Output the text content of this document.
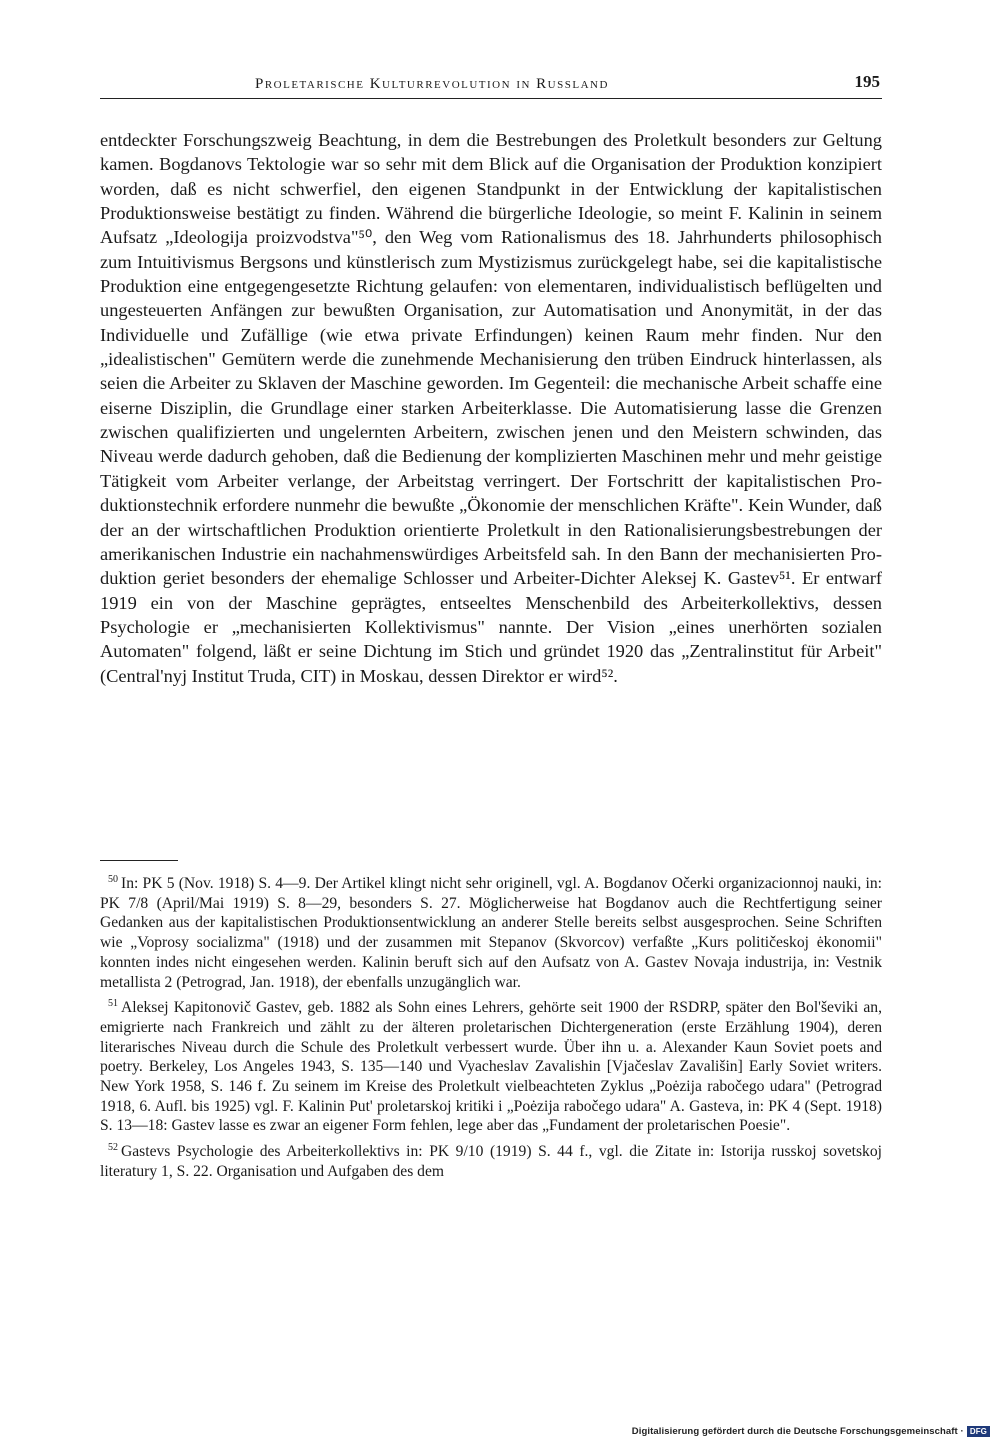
Proletarische Kulturrevolution in Russland	195

entdeckter Forschungszweig Beachtung, in dem die Bestrebungen des Proletkult besonders zur Geltung kamen. Bogdanovs Tektologie war so sehr mit dem Blick auf die Organisation der Produktion konzipiert worden, daß es nicht schwerfiel, den eigenen Standpunkt in der Entwicklung der kapitalistischen Produktionsweise bestätigt zu finden. Während die bürgerliche Ideologie, so meint F. Kalinin in seinem Aufsatz „Ideologija proizvodstva"⁵⁰, den Weg vom Rationalismus des 18. Jahrhunderts philosophisch zum Intuitivismus Bergsons und künstlerisch zum Mystizismus zurückgelegt habe, sei die kapitalistische Produktion eine entgegengesetzte Richtung gelaufen: von elementaren, individualistisch beflügelten und ungesteuerten Anfängen zur bewußten Organisation, zur Automatisation und Anonymität, in der das Individuelle und Zufällige (wie etwa private Erfindungen) keinen Raum mehr finden. Nur den „idealistischen" Gemütern werde die zunehmende Mechanisierung den trüben Eindruck hinterlassen, als seien die Arbeiter zu Sklaven der Maschine geworden. Im Gegenteil: die mechanische Arbeit schaffe eine eiserne Disziplin, die Grundlage einer starken Arbeiterklasse. Die Automatisierung lasse die Grenzen zwischen qualifizierten und ungelernten Arbeitern, zwischen jenen und den Meistern schwinden, das Niveau werde dadurch gehoben, daß die Bedienung der komplizierten Maschinen mehr und mehr geistige Tätigkeit vom Arbeiter verlange, der Arbeitstag verringert. Der Fortschritt der kapitalistischen Produktionstechnik erfordere nunmehr die bewußte „Ökonomie der menschlichen Kräfte". Kein Wunder, daß der an der wirtschaftlichen Produktion orientierte Proletkult in den Rationalisierungsbestrebungen der amerikanischen Industrie ein nachahmenswürdiges Arbeitsfeld sah. In den Bann der mechanisierten Produktion geriet besonders der ehemalige Schlosser und Arbeiter-Dichter Aleksej K. Gastev⁵¹. Er entwarf 1919 ein von der Maschine geprägtes, entseeltes Menschenbild des Arbeiterkollektivs, dessen Psychologie er „mechanisierten Kollektivismus" nannte. Der Vision „eines unerhörten sozialen Automaten" folgend, läßt er seine Dichtung im Stich und gründet 1920 das „Zentralinstitut für Arbeit" (Central'nyj Institut Truda, CIT) in Moskau, dessen Direktor er wird⁵².

$^{50}$ In: PK 5 (Nov. 1918) S. 4—9. Der Artikel klingt nicht sehr originell, vgl. A. Bogdanov Očerki organizacionnoj nauki, in: PK 7/8 (April/Mai 1919) S. 8—29, besonders S. 27. Möglicherweise hat Bogdanov auch die Rechtfertigung seiner Gedanken aus der kapitalistischen Produktionsentwicklung an anderer Stelle bereits selbst ausgesprochen. Seine Schriften wie „Voprosy socializma" (1918) und der zusammen mit Stepanov (Skvorcov) verfaßte „Kurs političeskoj ėkonomii" konnten indes nicht eingesehen werden. Kalinin beruft sich auf den Aufsatz von A. Gastev Novaja industrija, in: Vestnik metallista 2 (Petrograd, Jan. 1918), der ebenfalls unzugänglich war.

$^{51}$ Aleksej Kapitonovič Gastev, geb. 1882 als Sohn eines Lehrers, gehörte seit 1900 der RSDRP, später den Bol'ševiki an, emigrierte nach Frankreich und zählt zu der älteren proletarischen Dichtergeneration (erste Erzählung 1904), deren literarisches Niveau durch die Schule des Proletkult verbessert wurde. Über ihn u. a. Alexander Kaun Soviet poets and poetry. Berkeley, Los Angeles 1943, S. 135—140 und Vyacheslav Zavalishin [Vjačeslav Zavališin] Early Soviet writers. New York 1958, S. 146 f. Zu seinem im Kreise des Proletkult vielbeachteten Zyklus „Poėzija rabočego udara" (Petrograd 1918, 6. Aufl. bis 1925) vgl. F. Kalinin Put' proletarskoj kritiki i „Poėzija rabočego udara" A. Gasteva, in: PK 4 (Sept. 1918) S. 13—18: Gastev lasse es zwar an eigener Form fehlen, lege aber das „Fundament der proletarischen Poesie".

$^{52}$ Gastevs Psychologie des Arbeiterkollektivs in: PK 9/10 (1919) S. 44 f., vgl. die Zitate in: Istorija russkoj sovetskoj literatury 1, S. 22. Organisation und Aufgaben des dem

Digitalisierung gefördert durch die Deutsche Forschungsgemeinschaft · DFG
